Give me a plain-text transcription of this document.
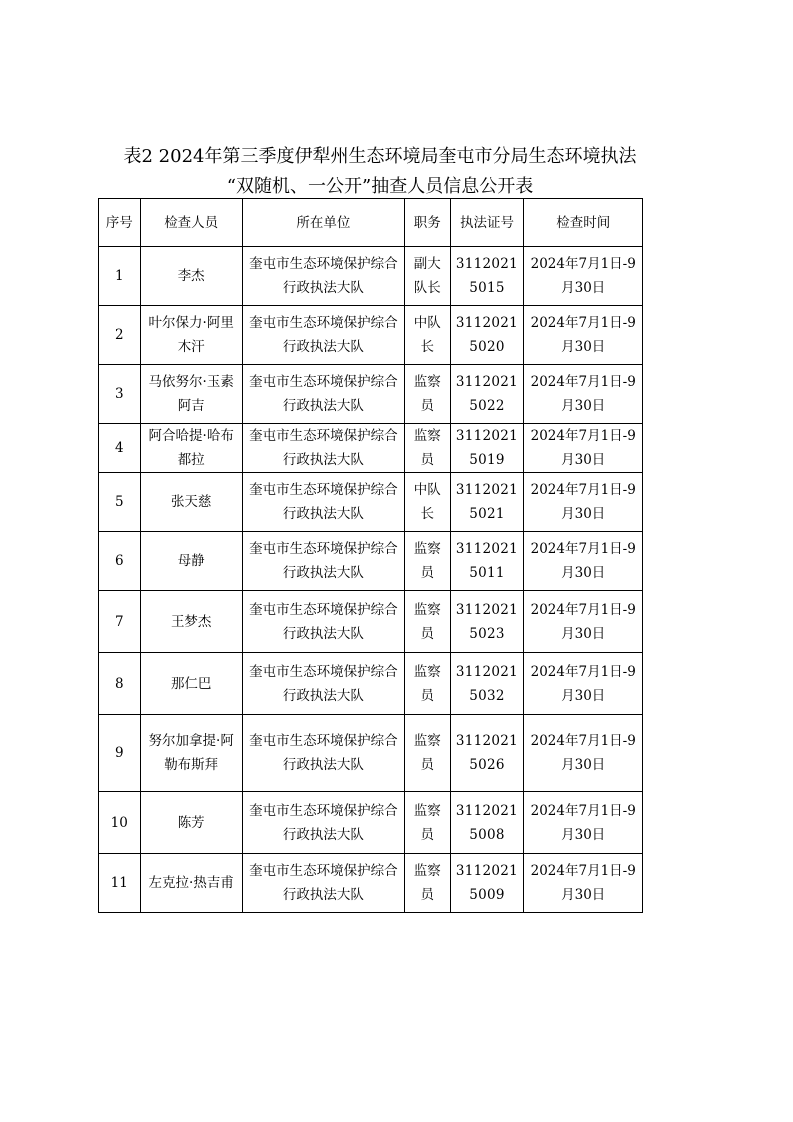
表2 2024年第三季度伊犁州生态环境局奎屯市分局生态环境执法
“双随机、一公开”抽查人员信息公开表
序号	检查人员	所在单位	职务	执法证号	检查时间
1	李杰	奎屯市生态环境保护综合行政执法大队	副大队长	31120215015	2024年7月1日-9月30日
2	叶尔保力·阿里木汗	奎屯市生态环境保护综合行政执法大队	中队长	31120215020	2024年7月1日-9月30日
3	马依努尔·玉素阿吉	奎屯市生态环境保护综合行政执法大队	监察员	31120215022	2024年7月1日-9月30日
4	阿合哈提·哈布都拉	奎屯市生态环境保护综合行政执法大队	监察员	31120215019	2024年7月1日-9月30日
5	张天慈	奎屯市生态环境保护综合行政执法大队	中队长	31120215021	2024年7月1日-9月30日
6	母静	奎屯市生态环境保护综合行政执法大队	监察员	31120215011	2024年7月1日-9月30日
7	王梦杰	奎屯市生态环境保护综合行政执法大队	监察员	31120215023	2024年7月1日-9月30日
8	那仁巴	奎屯市生态环境保护综合行政执法大队	监察员	31120215032	2024年7月1日-9月30日
9	努尔加拿提·阿勒布斯拜	奎屯市生态环境保护综合行政执法大队	监察员	31120215026	2024年7月1日-9月30日
10	陈芳	奎屯市生态环境保护综合行政执法大队	监察员	31120215008	2024年7月1日-9月30日
11	左克拉·热吉甫	奎屯市生态环境保护综合行政执法大队	监察员	31120215009	2024年7月1日-9月30日
